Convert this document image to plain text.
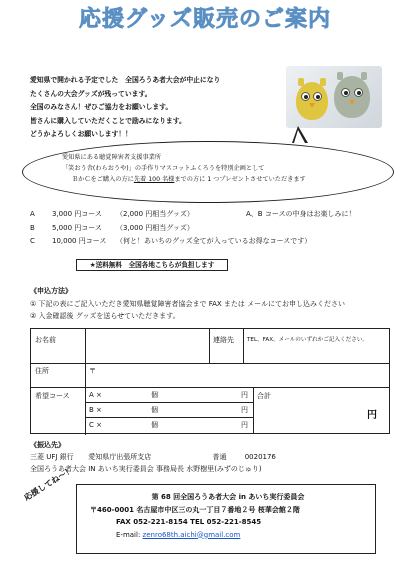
応援グッズ販売のご案内
愛知県で開かれる予定でした　全国ろうあ者大会が中止になり
たくさんの大会グッズが残っています。
全国のみなさん！ぜひご協力をお願いします。
皆さんに購入していただくことで励みになります。
どうかよろしくお願いします！！
愛知県にある聴覚障害者支援事業所
「笑おう舎(わらおうや)」の手作りマスコットふくろうを特別企画として
ＢかＣをご購入の方に先着 100 名様までの方に 1 つプレゼントさせていただきます
A	3,000 円コース	（2,000 円相当グッズ）	A、B コースの中身はお楽しみに！
B	5,000 円コース	（3,000 円相当グッズ）
C	10,000 円コース	（何と！あいちのグッズ全てが入っているお得なコースです）
★送料無料　全国各地こちらが負担します
《申込方法》
① 下記の表にご記入いただき愛知県聴覚障害者協会まで FAX または メールにてお申し込みください
② 入金確認後 グッズを送らせていただきます。
お名前	連絡先 TEL、FAX、メールのいずれかご記入ください。
住所	〒
希望コース	A ×	個	円
B ×	個	円
C ×	個	円
合計
円
《振込先》
三菱 UFJ 銀行 愛知県庁出張所支店	普通	0020176
全国ろうあ者大会 IN あいち実行委員会 事務局長 水野樹里(みずのじゅり)
第 68 回全国ろうあ者大会 in あいち実行委員会
〒460-0001 名古屋市中区三の丸一丁目７番地２号 桜華会館２階
FAX 052-221-8154 TEL 052-221-8545
E-mail: zenro68th.aichi@gmail.com
応援してね〜！
